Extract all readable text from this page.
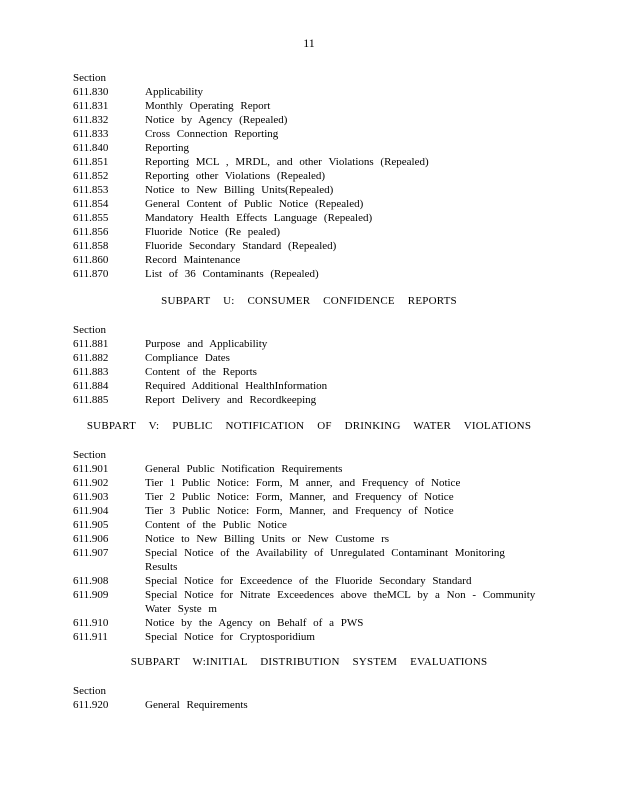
11
Section
611.830	Applicability
611.831	Monthly Operating Report
611.832	Notice by Agency (Repealed)
611.833	Cross Connection Reporting
611.840	Reporting
611.851	Reporting MCL , MRDL, and other Violations (Repealed)
611.852	Reporting other Violations (Repealed)
611.853	Notice to New Billing Units(Repealed)
611.854	General Content of Public Notice (Repealed)
611.855	Mandatory Health Effects Language (Repealed)
611.856	Fluoride Notice (Re pealed)
611.858	Fluoride Secondary Standard (Repealed)
611.860	Record Maintenance
611.870	List of 36 Contaminants (Repealed)
SUBPART U: CONSUMER CONFIDENCE REPORTS
Section
611.881	Purpose and Applicability
611.882	Compliance Dates
611.883	Content of the Reports
611.884	Required Additional HealthInformation
611.885	Report Delivery and Recordkeeping
SUBPART V: PUBLIC NOTIFICATION OF DRINKING WATER VIOLATIONS
Section
611.901	General Public Notification Requirements
611.902	Tier 1 Public Notice: Form, M anner, and Frequency of Notice
611.903	Tier 2 Public Notice: Form, Manner, and Frequency of Notice
611.904	Tier 3 Public Notice: Form, Manner, and Frequency of Notice
611.905	Content of the Public Notice
611.906	Notice to New Billing Units or New Custome rs
611.907	Special Notice of the Availability of Unregulated Contaminant Monitoring Results
611.908	Special Notice for Exceedence of the Fluoride Secondary Standard
611.909	Special Notice for Nitrate Exceedences above theMCL by a Non - Community Water Syste m
611.910	Notice by the Agency on Behalf of a PWS
611.911	Special Notice for Cryptosporidium
SUBPART W:INITIAL DISTRIBUTION SYSTEM EVALUATIONS
Section
611.920	General Requirements
